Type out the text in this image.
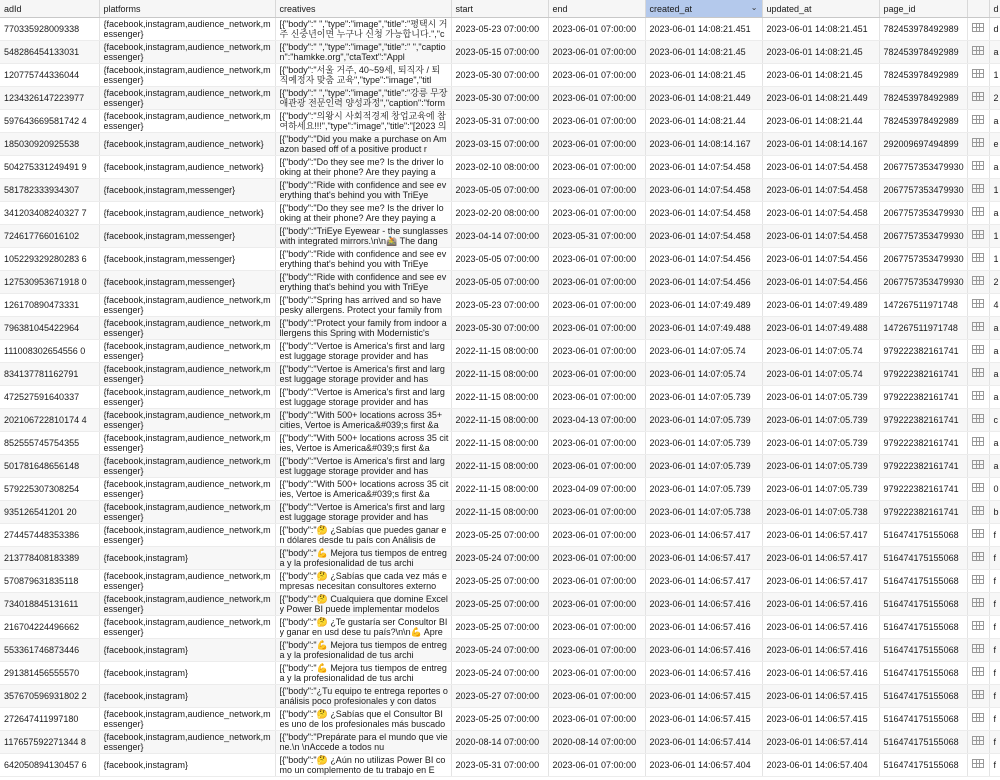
adId	platforms	creatives	start	end	created_at ⌄	updated_at	page_id		d
770335928009338	{facebook,instagram,audience_network,messenger}	[{"body":" ","type":"image","title":"평택시 거주 신중년이면 누구나 신청 가능합니다.","c	2023-05-23 07:00:00	2023-06-01 07:00:00	2023-06-01 14:08:21.451	2023-06-01 14:08:21.451	782453978492989		d
548286454133031	{facebook,instagram,audience_network,messenger}	[{"body":" ","type":"image","title":" ","caption":"hamkke.org","ctaText":"Appl	2023-05-15 07:00:00	2023-06-01 07:00:00	2023-06-01 14:08:21.45	2023-06-01 14:08:21.45	782453978492989		a
120775744336044	{facebook,instagram,audience_network,messenger}	[{"body":"서울 거주, 40~59세, 퇴직자 / 퇴직예정자 맞춤 교육","type":"image","titl	2023-05-30 07:00:00	2023-06-01 07:00:00	2023-06-01 14:08:21.45	2023-06-01 14:08:21.45	782453978492989		1
1234326147223977	{facebook,instagram,audience_network,messenger}	[{"body":" ","type":"image","title":"강릉 무장애관광 전문인력 양성과정","caption":"form	2023-05-30 07:00:00	2023-06-01 07:00:00	2023-06-01 14:08:21.449	2023-06-01 14:08:21.449	782453978492989		2
597643669581742 4	{facebook,instagram,audience_network,messenger}	[{"body":"의왕시 사회적경제 창업교육에 참여하세요!!!","type":"image","title":"[2023 의	2023-05-31 07:00:00	2023-06-01 07:00:00	2023-06-01 14:08:21.44	2023-06-01 14:08:21.44	782453978492989		a
185030920925538	{facebook,instagram,audience_network}	[{"body":"Did you make a purchase on Amazon based off of a positive product r	2023-03-15 07:00:00	2023-06-01 07:00:00	2023-06-01 14:08:14.167	2023-06-01 14:08:14.167	292009697494899		e
504275331249491 9	{facebook,instagram,audience_network}	[{"body":"Do they see me? Is the driver looking at their phone? Are they paying a	2023-02-10 08:00:00	2023-06-01 07:00:00	2023-06-01 14:07:54.458	2023-06-01 14:07:54.458	2067757353479930		a
581782333934307	{facebook,instagram,messenger}	[{"body":"Ride with confidence and see everything that's behind you with TriEye	2023-05-05 07:00:00	2023-06-01 07:00:00	2023-06-01 14:07:54.458	2023-06-01 14:07:54.458	2067757353479930		1
341203408240327 7	{facebook,instagram,audience_network}	[{"body":"Do they see me? Is the driver looking at their phone? Are they paying a	2023-02-20 08:00:00	2023-06-01 07:00:00	2023-06-01 14:07:54.458	2023-06-01 14:07:54.458	2067757353479930		a
724617766016102	{facebook,instagram,messenger}	[{"body":"TriEye Eyewear - the sunglasses with integrated mirrors.\n\n🚵 The dang	2023-04-14 07:00:00	2023-05-31 07:00:00	2023-06-01 14:07:54.458	2023-06-01 14:07:54.458	2067757353479930		1
105229329280283 6	{facebook,instagram,messenger}	[{"body":"Ride with confidence and see everything that's behind you with TriEye	2023-05-05 07:00:00	2023-06-01 07:00:00	2023-06-01 14:07:54.456	2023-06-01 14:07:54.456	2067757353479930		1
127530953671918 0	{facebook,instagram,messenger}	[{"body":"Ride with confidence and see everything that's behind you with TriEye	2023-05-05 07:00:00	2023-06-01 07:00:00	2023-06-01 14:07:54.456	2023-06-01 14:07:54.456	2067757353479930		2
126170890473331	{facebook,instagram,audience_network,messenger}	[{"body":"Spring has arrived and so have pesky allergens. Protect your family from	2023-05-23 07:00:00	2023-06-01 07:00:00	2023-06-01 14:07:49.489	2023-06-01 14:07:49.489	147267511971748		4
796381045422964	{facebook,instagram,audience_network,messenger}	[{"body":"Protect your family from indoor allergens this Spring with Modernistic's	2023-05-30 07:00:00	2023-06-01 07:00:00	2023-06-01 14:07:49.488	2023-06-01 14:07:49.488	147267511971748		a
111008302654556 0	{facebook,instagram,audience_network,messenger}	[{"body":"Vertoe is America's first and largest luggage storage provider and has	2022-11-15 08:00:00	2023-06-01 07:00:00	2023-06-01 14:07:05.74	2023-06-01 14:07:05.74	979222382161741		a
834137781162791	{facebook,instagram,audience_network,messenger}	[{"body":"Vertoe is America's first and largest luggage storage provider and has	2022-11-15 08:00:00	2023-06-01 07:00:00	2023-06-01 14:07:05.74	2023-06-01 14:07:05.74	979222382161741		a
472527591640337	{facebook,instagram,audience_network,messenger}	[{"body":"Vertoe is America's first and largest luggage storage provider and has	2022-11-15 08:00:00	2023-06-01 07:00:00	2023-06-01 14:07:05.739	2023-06-01 14:07:05.739	979222382161741		a
202106722810174 4	{facebook,instagram,audience_network,messenger}	[{"body":"With 500+ locations across 35+ cities, Vertoe is America&#039;s first &a	2022-11-15 08:00:00	2023-04-13 07:00:00	2023-06-01 14:07:05.739	2023-06-01 14:07:05.739	979222382161741		c
852555745754355	{facebook,instagram,audience_network,messenger}	[{"body":"With 500+ locations across 35 cities, Vertoe is America&#039;s first &a	2022-11-15 08:00:00	2023-06-01 07:00:00	2023-06-01 14:07:05.739	2023-06-01 14:07:05.739	979222382161741		a
501781648656148	{facebook,instagram,audience_network,messenger}	[{"body":"Vertoe is America's first and largest luggage storage provider and has	2022-11-15 08:00:00	2023-06-01 07:00:00	2023-06-01 14:07:05.739	2023-06-01 14:07:05.739	979222382161741		a
579225307308254	{facebook,instagram,audience_network,messenger}	[{"body":"With 500+ locations across 35 cities, Vertoe is America&#039;s first &a	2022-11-15 08:00:00	2023-04-09 07:00:00	2023-06-01 14:07:05.739	2023-06-01 14:07:05.739	979222382161741		0
935126541201 20	{facebook,instagram,audience_network,messenger}	[{"body":"Vertoe is America's first and largest luggage storage provider and has	2022-11-15 08:00:00	2023-06-01 07:00:00	2023-06-01 14:07:05.738	2023-06-01 14:07:05.738	979222382161741		b
274457448353386	{facebook,instagram,audience_network,messenger}	[{"body":"🤔 ¿Sabías que puedes ganar en dólares desde tu país con Análisis de	2023-05-25 07:00:00	2023-06-01 07:00:00	2023-06-01 14:06:57.417	2023-06-01 14:06:57.417	516474175155068		f
213778408183389	{facebook,instagram}	[{"body":"💪 Mejora tus tiempos de entrega y la profesionalidad de tus archi	2023-05-24 07:00:00	2023-06-01 07:00:00	2023-06-01 14:06:57.417	2023-06-01 14:06:57.417	516474175155068		f
570879631835118	{facebook,instagram,audience_network,messenger}	[{"body":"🤔 ¿Sabías que cada vez más empresas necesitan consultores externo	2023-05-25 07:00:00	2023-06-01 07:00:00	2023-06-01 14:06:57.417	2023-06-01 14:06:57.417	516474175155068		f
734018845131611	{facebook,instagram,audience_network,messenger}	[{"body":"🤔 Cualquiera que domine Excel y Power BI puede implementar modelos	2023-05-25 07:00:00	2023-06-01 07:00:00	2023-06-01 14:06:57.416	2023-06-01 14:06:57.416	516474175155068		f
216704224496662	{facebook,instagram,audience_network,messenger}	[{"body":"🤔 ¿Te gustaría ser Consultor BI y ganar en usd dese tu país?\n\n💪 Apre	2023-05-25 07:00:00	2023-06-01 07:00:00	2023-06-01 14:06:57.416	2023-06-01 14:06:57.416	516474175155068		f
553361746873446	{facebook,instagram}	[{"body":"💪 Mejora tus tiempos de entrega y la profesionalidad de tus archi	2023-05-24 07:00:00	2023-06-01 07:00:00	2023-06-01 14:06:57.416	2023-06-01 14:06:57.416	516474175155068		f
291381456555570	{facebook,instagram}	[{"body":"💪 Mejora tus tiempos de entrega y la profesionalidad de tus archi	2023-05-24 07:00:00	2023-06-01 07:00:00	2023-06-01 14:06:57.416	2023-06-01 14:06:57.416	516474175155068		f
357670596931802 2	{facebook,instagram}	[{"body":"¿Tu equipo te entrega reportes o análisis poco profesionales y con datos	2023-05-27 07:00:00	2023-06-01 07:00:00	2023-06-01 14:06:57.415	2023-06-01 14:06:57.415	516474175155068		f
272647411997180	{facebook,instagram,audience_network,messenger}	[{"body":"🤔 ¿Sabías que el Consultor BI es uno de los profesionales más buscado	2023-05-25 07:00:00	2023-06-01 07:00:00	2023-06-01 14:06:57.415	2023-06-01 14:06:57.415	516474175155068		f
117657592271344 8	{facebook,instagram,audience_network,messenger}	[{"body":"Prepárate para el mundo que viene.\n \nAccede a todos nu	2020-08-14 07:00:00	2020-08-14 07:00:00	2023-06-01 14:06:57.414	2023-06-01 14:06:57.414	516474175155068		f
642050894130457 6	{facebook,instagram}	[{"body":"🤔 ¿Aún no utilizas Power BI como un complemento de tu trabajo en E	2023-05-31 07:00:00	2023-06-01 07:00:00	2023-06-01 14:06:57.404	2023-06-01 14:06:57.404	516474175155068		f
